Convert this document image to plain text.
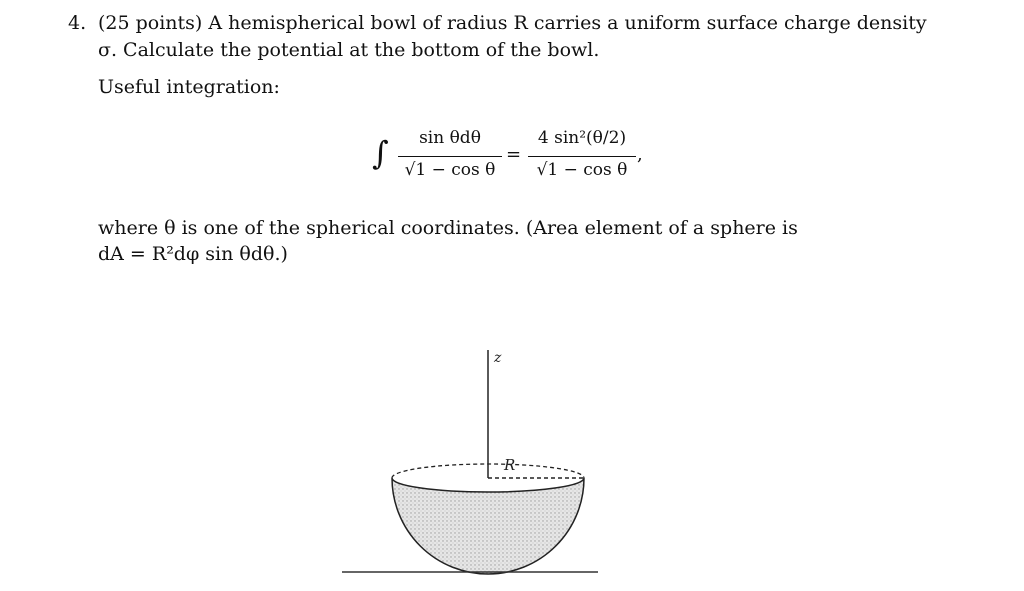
4. (25 points) A hemispherical bowl of radius R carries a uniform surface charge density
σ. Calculate the potential at the bottom of the bowl.
Useful integration:
∫	sin θdθ
√1 − cos θ
=
4 sin²(θ/2)
√1 − cos θ
,
where θ is one of the spherical coordinates. (Area element of a sphere is
dA = R²dφ sin θdθ.)
z
R
